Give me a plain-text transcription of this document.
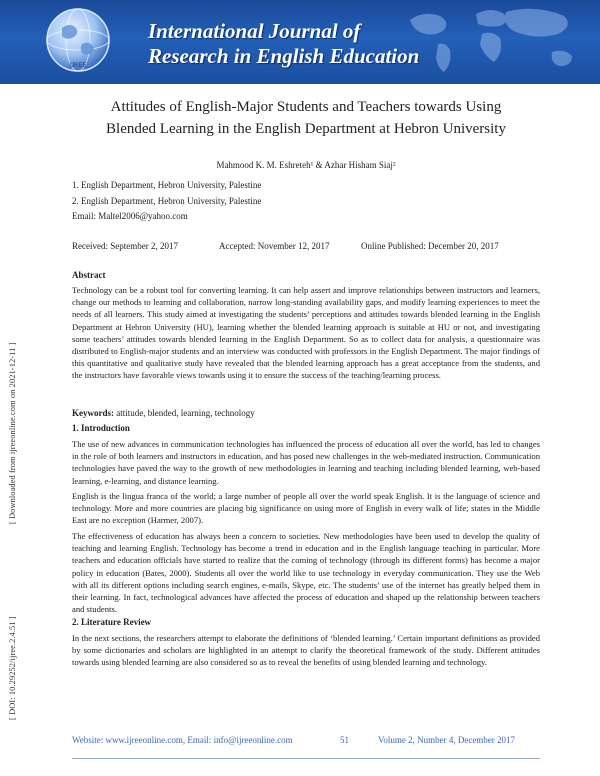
IJREE
International Journal of
Research in English Education
[ DOI: 10.29252/ijree.2.4.51 ] [ Downloaded from ijreeonline.com on 2021-12-11 ]
Attitudes of English-Major Students and Teachers towards Using
Blended Learning in the English Department at Hebron University
Mahmood K. M. Eshreteh¹ & Azhar Hisham Siaj²
1. English Department, Hebron University, Palestine
2. English Department, Hebron University, Palestine
Email: Maltel2006@yahoo.com
Received: September 2, 2017	Accepted: November 12, 2017	Online Published: December 20, 2017
Abstract

Technology can be a robust tool for converting learning. It can help assert and improve relationships between instructors and learners, change our methods to learning and collaboration, narrow long-standing availability gaps, and modify learning experiences to meet the needs of all learners. This study aimed at investigating the students’ perceptions and attitudes towards blended learning in the English Department at Hebron University (HU), learning whether the blended learning approach is suitable at HU or not, and investigating some teachers’ attitudes towards blended learning in the English Department. So as to collect data for analysis, a questionnaire was distributed to English-major students and an interview was conducted with professors in the English Department. The major findings of this quantitative and qualitative study have revealed that the blended learning approach has a great acceptance from the students, and the instructors have favorable views towards using it to ensure the success of the teaching/learning process.

Keywords: attitude, blended, learning, technology
1. Introduction

The use of new advances in communication technologies has influenced the process of education all over the world, has led to changes in the role of both learners and instructors in education, and has posed new challenges in the web-mediated instruction. Communication technologies have paved the way to the growth of new methodologies in learning and teaching including blended learning, web-based learning, e-learning, and distance learning.

English is the lingua franca of the world; a large number of people all over the world speak English. It is the language of science and technology. More and more countries are placing big significance on using more of English in every walk of life; states in the Middle East are no exception (Harmer, 2007).

The effectiveness of education has always been a concern to societies. New methodologies have been used to develop the quality of teaching and learning English. Technology has become a trend in education and in the English language teaching in particular. More teachers and education officials have started to realize that the coming of technology (through its different forms) has become a major policy in education (Bates, 2000). Students all over the world like to use technology in everyday communication. They use the Web with all its different options including search engines, e-mails, Skype, etc. The students’ use of the internet has greatly helped them in their learning. In fact, technological advances have affected the process of education and shaped up the relationship between teachers and students.

2. Literature Review

In the next sections, the researchers attempt to elaborate the definitions of ‘blended learning.’ Certain important definitions as provided by some dictionaries and scholars are highlighted in an attempt to clarify the theoretical framework of the study. Different attitudes towards using blended learning are also considered so as to reveal the benefits of using blended learning and technology.

Website: www.ijreeonline.com, Email: info@ijreeonline.com	51	Volume 2, Number 4, December 2017
